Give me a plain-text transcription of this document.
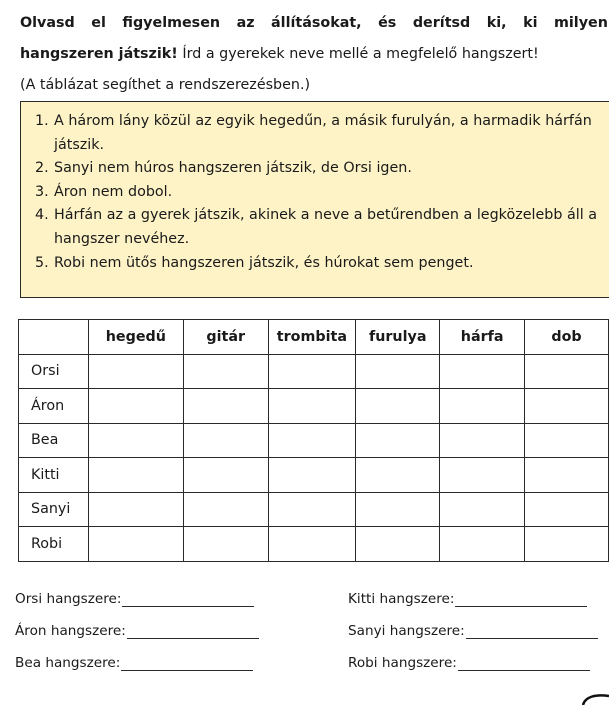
Olvasd el figyelmesen az állításokat, és derítsd ki, ki milyen
hangszeren játszik! Írd a gyerekek neve mellé a megfelelő hangszert!
(A táblázat segíthet a rendszerezésben.)
1. A három lány közül az egyik hegedűn, a másik furulyán, a harmadik hárfán játszik.
2. Sanyi nem húros hangszeren játszik, de Orsi igen.
3. Áron nem dobol.
4. Hárfán az a gyerek játszik, akinek a neve a betűrendben a legközelebb áll a hangszer nevéhez.
5. Robi nem ütős hangszeren játszik, és húrokat sem penget.
	hegedű	gitár	trombita	furulya	hárfa	dob
Orsi						
Áron						
Bea						
Kitti						
Sanyi						
Robi						
Orsi hangszere:	Kitti hangszere:
Áron hangszere:	Sanyi hangszere:
Bea hangszere:	Robi hangszere:
